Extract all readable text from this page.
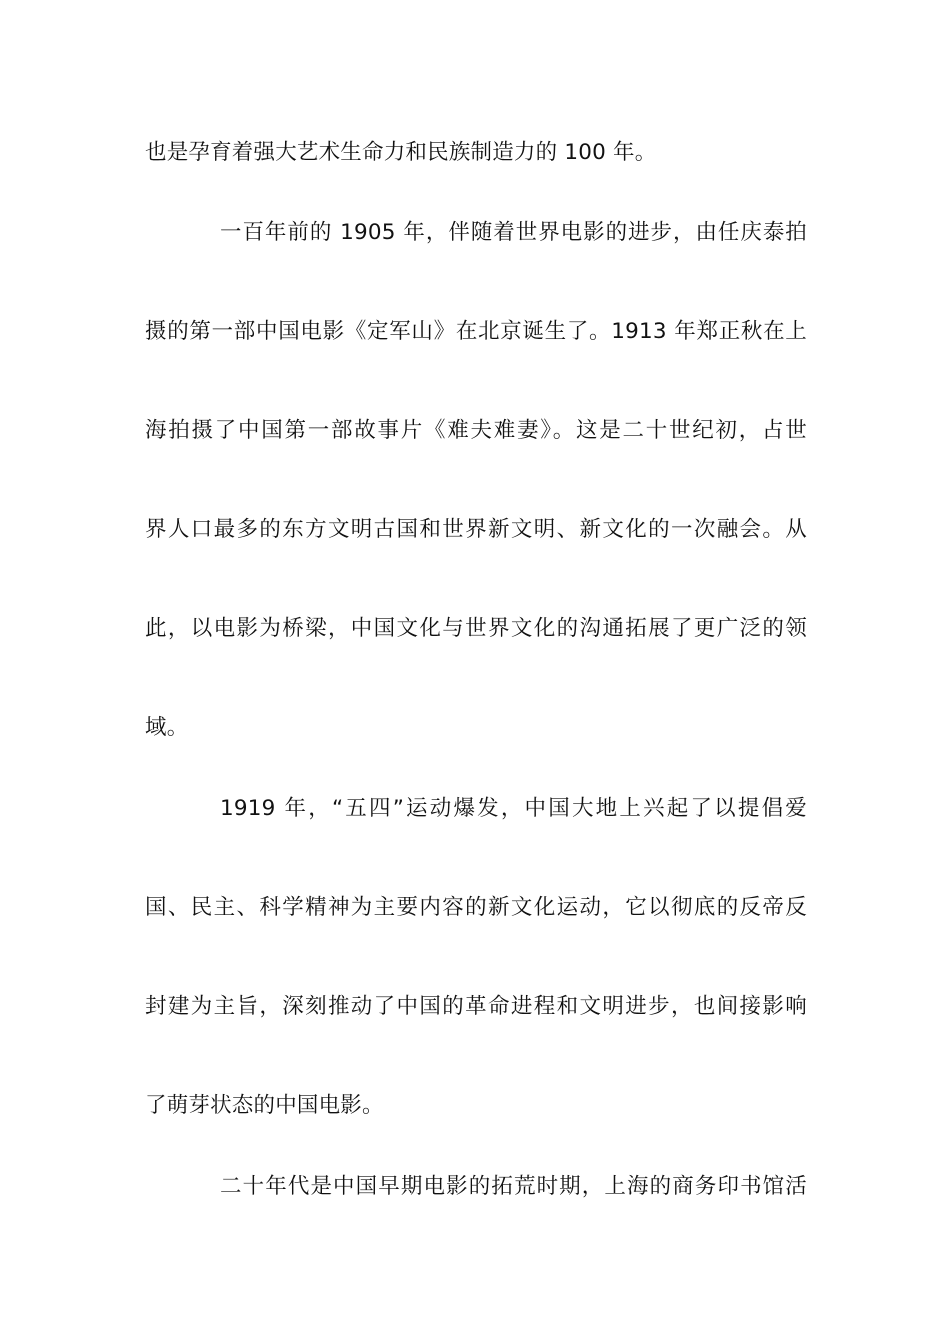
也是孕育着强大艺术生命力和民族制造力的 100 年。
一百年前的 1905 年，伴随着世界电影的进步，由任庆泰拍
摄的第一部中国电影《定军山》在北京诞生了。1913 年郑正秋在上
海拍摄了中国第一部故事片《难夫难妻》。这是二十世纪初，占世
界人口最多的东方文明古国和世界新文明、新文化的一次融会。从
此，以电影为桥梁，中国文化与世界文化的沟通拓展了更广泛的领
域。
1919 年，“五四”运动爆发，中国大地上兴起了以提倡爱
国、民主、科学精神为主要内容的新文化运动，它以彻底的反帝反
封建为主旨，深刻推动了中国的革命进程和文明进步，也间接影响
了萌芽状态的中国电影。
二十年代是中国早期电影的拓荒时期，上海的商务印书馆活
